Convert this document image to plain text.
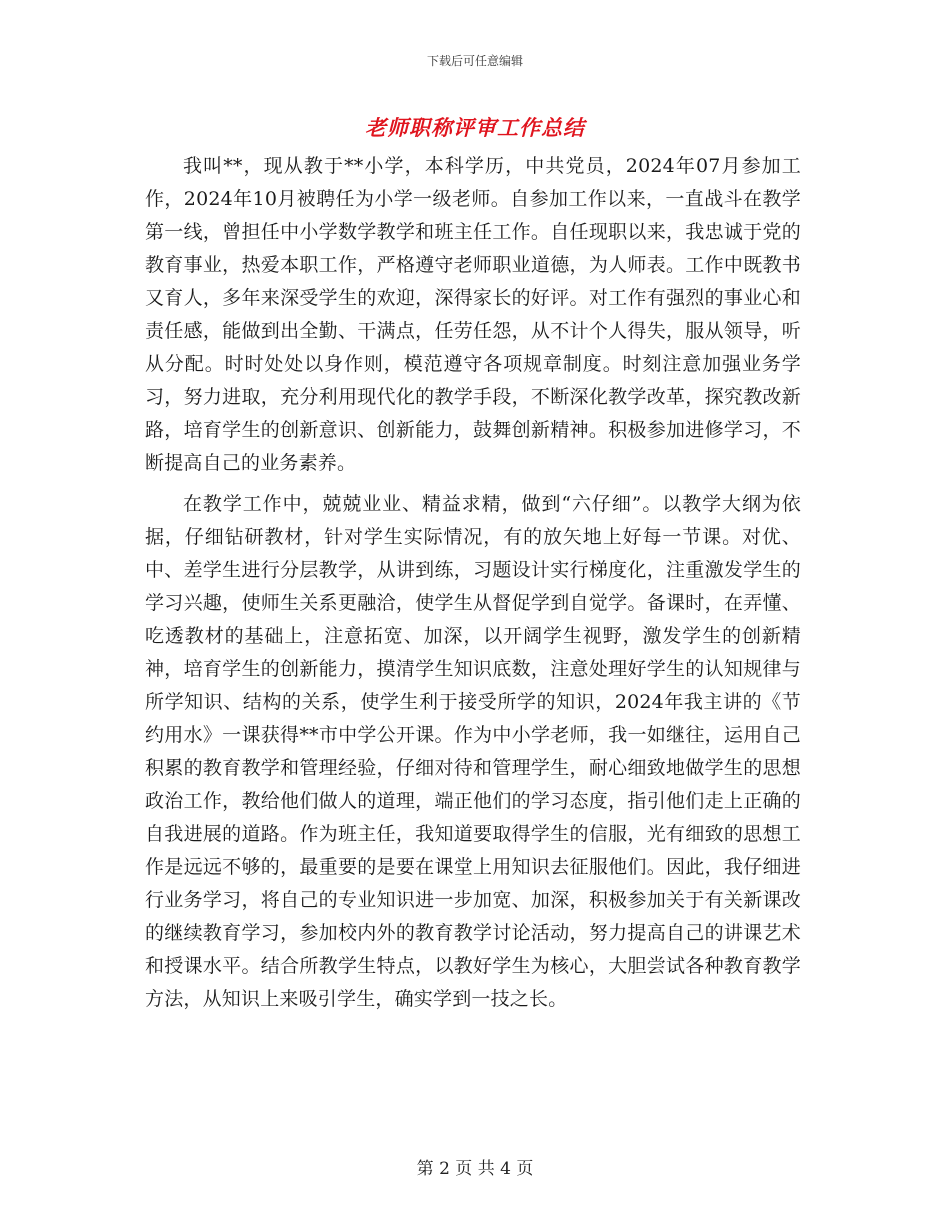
下载后可任意编辑
老师职称评审工作总结

我叫**，现从教于**小学，本科学历，中共党员，2024年07月参加工作，2024年10月被聘任为小学一级老师。自参加工作以来，一直战斗在教学第一线，曾担任中小学数学教学和班主任工作。自任现职以来，我忠诚于党的教育事业，热爱本职工作，严格遵守老师职业道德，为人师表。工作中既教书又育人，多年来深受学生的欢迎，深得家长的好评。对工作有强烈的事业心和责任感，能做到出全勤、干满点，任劳任怨，从不计个人得失，服从领导，听从分配。时时处处以身作则，模范遵守各项规章制度。时刻注意加强业务学习，努力进取，充分利用现代化的教学手段，不断深化教学改革，探究教改新路，培育学生的创新意识、创新能力，鼓舞创新精神。积极参加进修学习，不断提高自己的业务素养。

在教学工作中，兢兢业业、精益求精，做到“六仔细”。以教学大纲为依据，仔细钻研教材，针对学生实际情况，有的放矢地上好每一节课。对优、中、差学生进行分层教学，从讲到练，习题设计实行梯度化，注重激发学生的学习兴趣，使师生关系更融洽，使学生从督促学到自觉学。备课时，在弄懂、吃透教材的基础上，注意拓宽、加深，以开阔学生视野，激发学生的创新精神，培育学生的创新能力，摸清学生知识底数，注意处理好学生的认知规律与所学知识、结构的关系，使学生利于接受所学的知识，2024年我主讲的《节约用水》一课获得**市中学公开课。作为中小学老师，我一如继往，运用自己积累的教育教学和管理经验，仔细对待和管理学生，耐心细致地做学生的思想政治工作，教给他们做人的道理，端正他们的学习态度，指引他们走上正确的自我进展的道路。作为班主任，我知道要取得学生的信服，光有细致的思想工作是远远不够的，最重要的是要在课堂上用知识去征服他们。因此，我仔细进行业务学习，将自己的专业知识进一步加宽、加深，积极参加关于有关新课改的继续教育学习，参加校内外的教育教学讨论活动，努力提高自己的讲课艺术和授课水平。结合所教学生特点，以教好学生为核心，大胆尝试各种教育教学方法，从知识上来吸引学生，确实学到一技之长。

第 2 页 共 4 页
